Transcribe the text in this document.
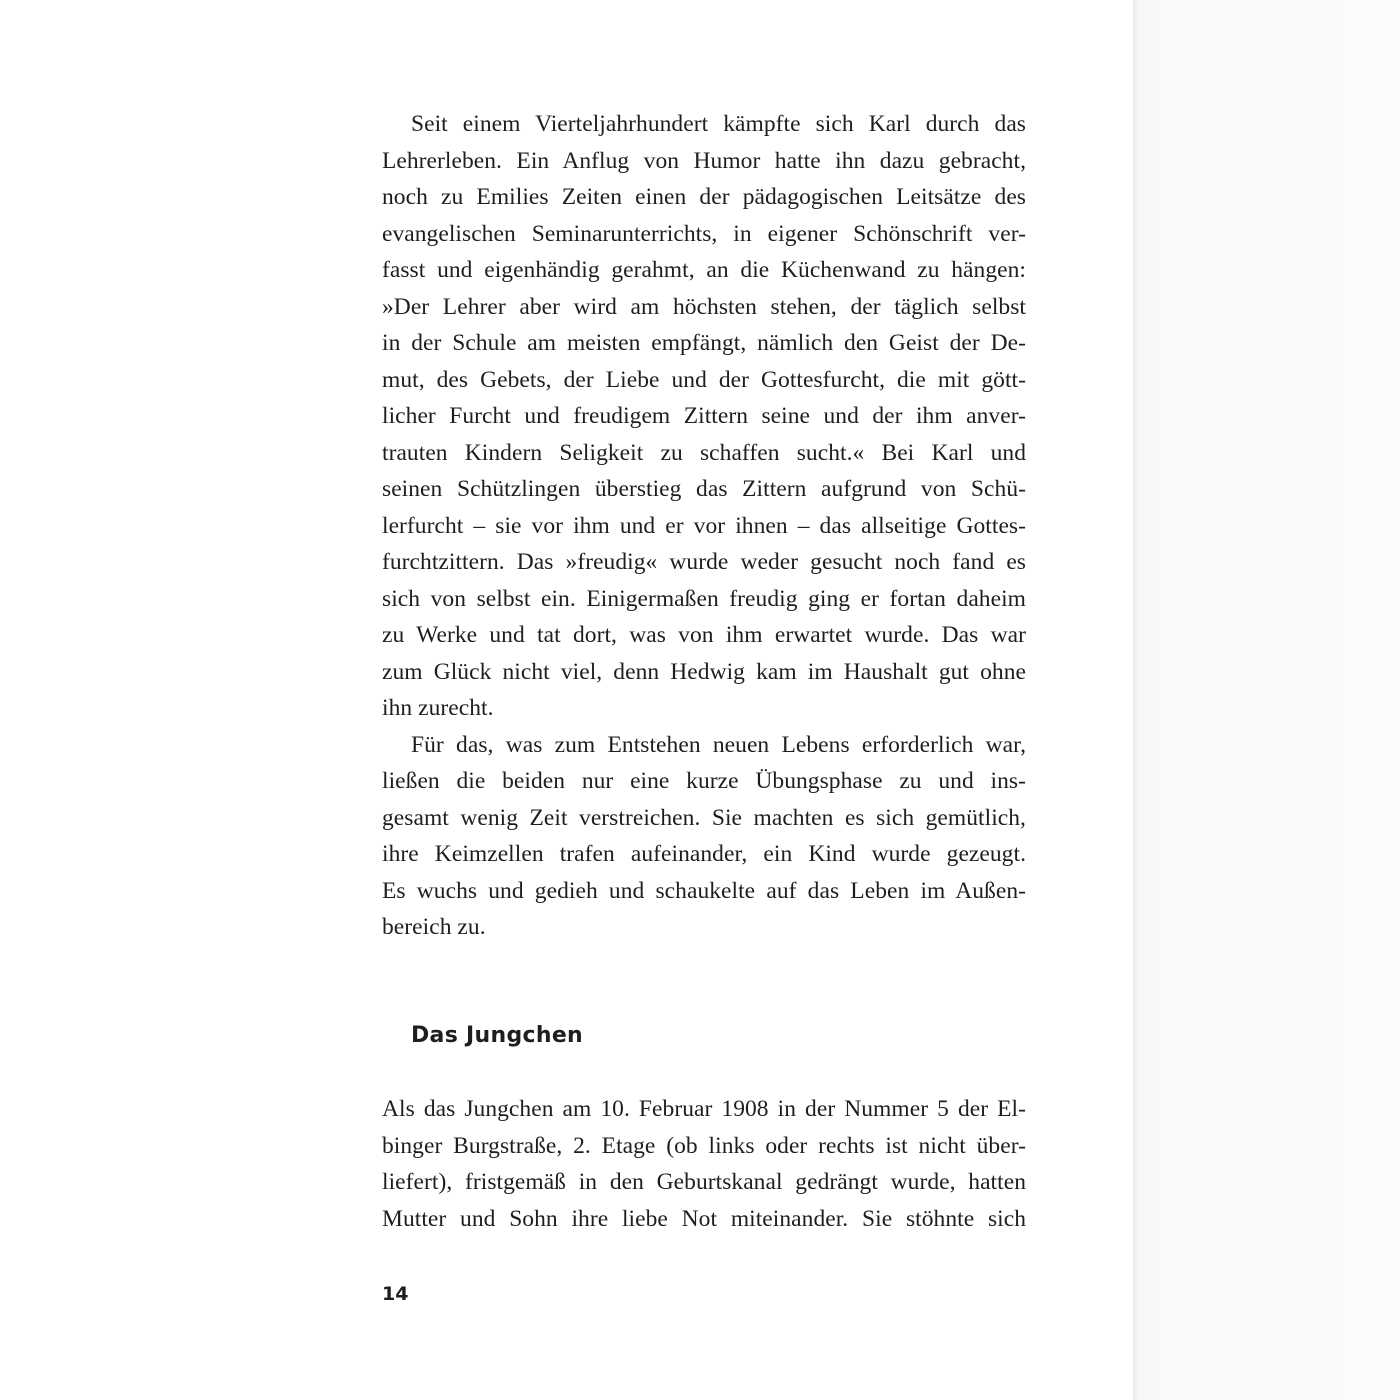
Seit einem Vierteljahrhundert kämpfte sich Karl durch das
Lehrerleben. Ein Anflug von Humor hatte ihn dazu gebracht,
noch zu Emilies Zeiten einen der pädagogischen Leitsätze des
evangelischen Seminarunterrichts, in eigener Schönschrift ver-
fasst und eigenhändig gerahmt, an die Küchenwand zu hängen:
»Der Lehrer aber wird am höchsten stehen, der täglich selbst
in der Schule am meisten empfängt, nämlich den Geist der De-
mut, des Gebets, der Liebe und der Gottesfurcht, die mit gött-
licher Furcht und freudigem Zittern seine und der ihm anver-
trauten Kindern Seligkeit zu schaffen sucht.« Bei Karl und
seinen Schützlingen überstieg das Zittern aufgrund von Schü-
lerfurcht – sie vor ihm und er vor ihnen – das allseitige Gottes-
furchtzittern. Das »freudig« wurde weder gesucht noch fand es
sich von selbst ein. Einigermaßen freudig ging er fortan daheim
zu Werke und tat dort, was von ihm erwartet wurde. Das war
zum Glück nicht viel, denn Hedwig kam im Haushalt gut ohne
ihn zurecht.
Für das, was zum Entstehen neuen Lebens erforderlich war,
ließen die beiden nur eine kurze Übungsphase zu und ins-
gesamt wenig Zeit verstreichen. Sie machten es sich gemütlich,
ihre Keimzellen trafen aufeinander, ein Kind wurde gezeugt.
Es wuchs und gedieh und schaukelte auf das Leben im Außen-
bereich zu.
Das Jungchen
Als das Jungchen am 10. Februar 1908 in der Nummer 5 der El-
binger Burgstraße, 2. Etage (ob links oder rechts ist nicht über-
liefert), fristgemäß in den Geburtskanal gedrängt wurde, hatten
Mutter und Sohn ihre liebe Not miteinander. Sie stöhnte sich
14
